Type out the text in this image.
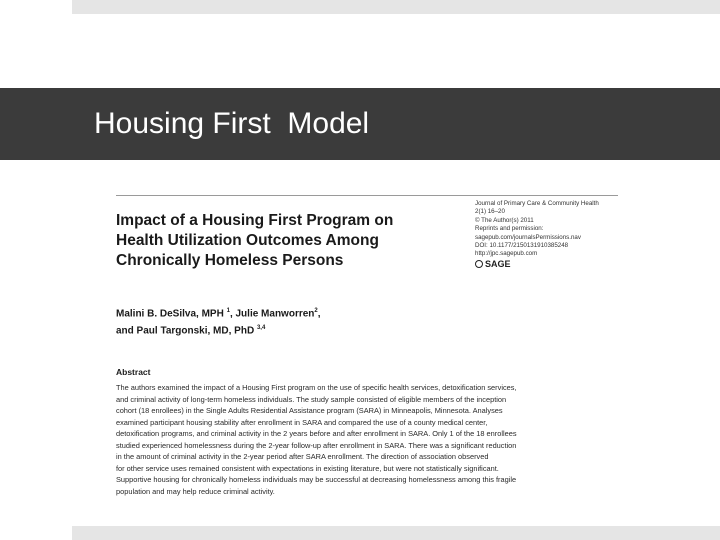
Housing First  Model
Impact of a Housing First Program on
Health Utilization Outcomes Among
Chronically Homeless Persons
Journal of Primary Care & Community Health
2(1) 16–20
© The Author(s) 2011
Reprints and permission:
sagepub.com/journalsPermissions.nav
DOI: 10.1177/2150131910385248
http://jpc.sagepub.com
SAGE
Malini B. DeSilva, MPH $^1$, Julie Manworren$^2$,
and Paul Targonski, MD, PhD $^{3,4}$
Abstract
The authors examined the impact of a Housing First program on the use of specific health services, detoxification services,
and criminal activity of long-term homeless individuals. The study sample consisted of eligible members of the inception
cohort (18 enrollees) in the Single Adults Residential Assistance program (SARA) in Minneapolis, Minnesota. Analyses
examined participant housing stability after enrollment in SARA and compared the use of a county medical center,
detoxification programs, and criminal activity in the 2 years before and after enrollment in SARA. Only 1 of the 18 enrollees
studied experienced homelessness during the 2-year follow-up after enrollment in SARA. There was a significant reduction
in the amount of criminal activity in the 2-year period after SARA enrollment. The direction of association observed
for other service uses remained consistent with expectations in existing literature, but were not statistically significant.
Supportive housing for chronically homeless individuals may be successful at decreasing homelessness among this fragile
population and may help reduce criminal activity.
